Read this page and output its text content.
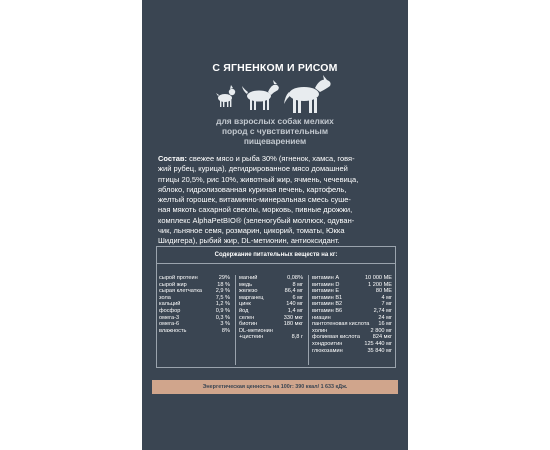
С ЯГНЕНКОМ И РИСОМ
для взрослых собак мелких
пород с чувствительным
пищеварением
Состав: свежее мясо и рыба 30% (ягненок, хамса, говя-
жий рубец, курица), дегидрированное мясо домашней
птицы 20,5%, рис 10%, животный жир, ячмень, чечевица,
яблоко, гидролизованная куриная печень, картофель,
желтый горошек, витаминно-минеральная смесь суше-
ная мякоть сахарной свеклы, морковь, пивные дрожжи,
комплекс AlphaPetBIO® (зеленогубый моллюск, одуван-
чик, льняное семя, розмарин, цикорий, томаты, Юкка
Шидигера), рыбий жир, DL-метионин, антиоксидант.
Содержание питательных веществ на кг:
сырой протеин	29%
сырой жир	18 %
сырая клетчатка 2,9 %
зола	7,5 %
кальций	1,2 %
фосфор	0,9 %
омега-3	0,3 %
омега-6	3 %
влажность	8%
магний	0,08%
медь	8 мг
железо	86,4 мг
марганец	6 мг
цинк	140 мг
йод	1,4 мг
селен	330 мкг
биотин	180 мкг
DL-метионин
+цистеин	8,8 г
витамин А	10 000 МЕ
витамин D	1 200 МЕ
витамин Е	80 МЕ
витамин В1	4 мг
витамин В2	7 мг
витамин В6	2,74 мг
ниацин	24 мг
пантотеновая кислота 16 мг
холин	2 800 мг
фолиевая кислота 824 мкг
хондроитин	125 440 мг
глюкозамин	35 840 мг
Энергетическая ценность на 100г: 390 ккал/ 1 633 кДж.
